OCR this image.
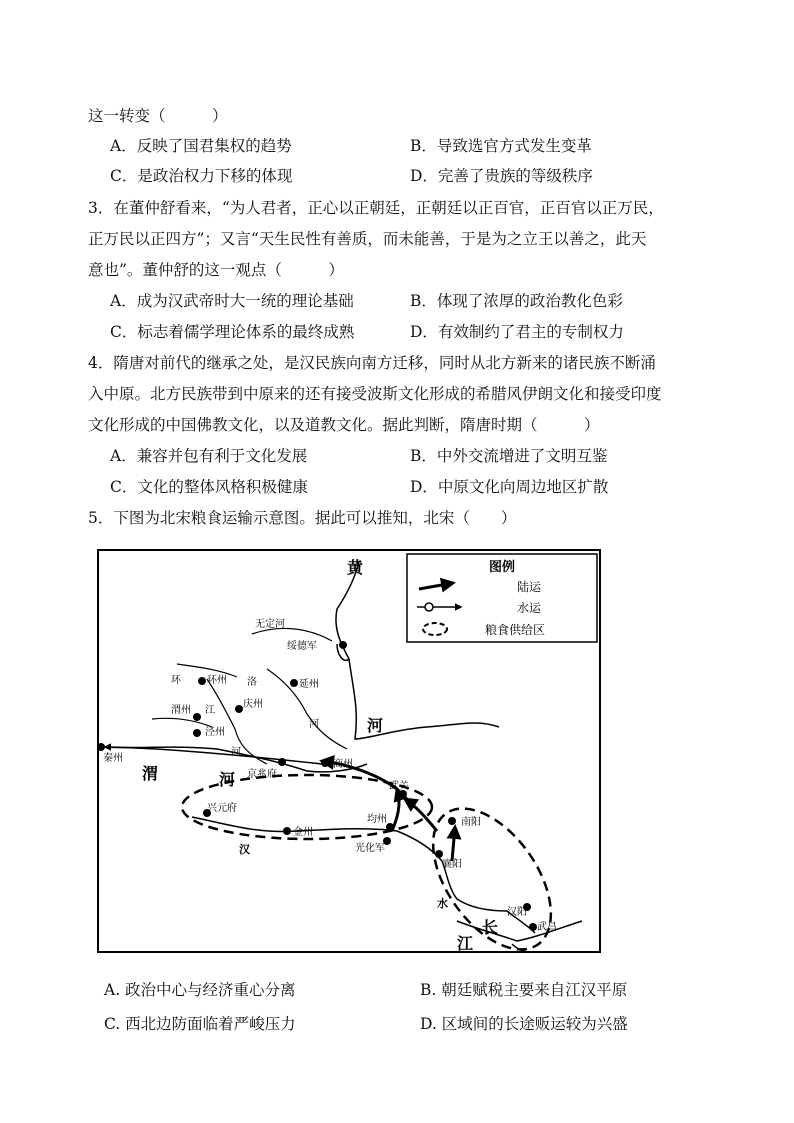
这一转变（　　　）
A．反映了国君集权的趋势	B．导致选官方式发生变革
C．是政治权力下移的体现	D．完善了贵族的等级秩序
3．在董仲舒看来，“为人君者，正心以正朝廷，正朝廷以正百官，正百官以正万民，
正万民以正四方”；又言“天生民性有善质，而未能善，于是为之立王以善之，此天
意也”。董仲舒的这一观点（　　　）
A．成为汉武帝时大一统的理论基础	B．体现了浓厚的政治教化色彩
C．标志着儒学理论体系的最终成熟	D．有效制约了君主的专制权力
4．隋唐对前代的继承之处，是汉民族向南方迁移，同时从北方新来的诸民族不断涌
入中原。北方民族带到中原来的还有接受波斯文化形成的希腊风伊朗文化和接受印度
文化形成的中国佛教文化，以及道教文化。据此判断，隋唐时期（　　　）
A．兼容并包有利于文化发展	B．中外交流增进了文明互鉴
C．文化的整体风格积极健康	D．中原文化向周边地区扩散
5．下图为北宋粮食运输示意图。据此可以推知，北宋（　　）
图例
陆运
水运
粮食供给区
黄
河
渭	河
汉
水
长
江
无定河
洛
江
河
河
绥德军
环州
庆州
延州
渭州
泾州
秦州
京兆府
商州
武关
均州	南阳
兴元府
金州
光化军
襄阳
汉阳
武昌
环
A. 政治中心与经济重心分离	B. 朝廷赋税主要来自江汉平原
C. 西北边防面临着严峻压力	D. 区域间的长途贩运较为兴盛
